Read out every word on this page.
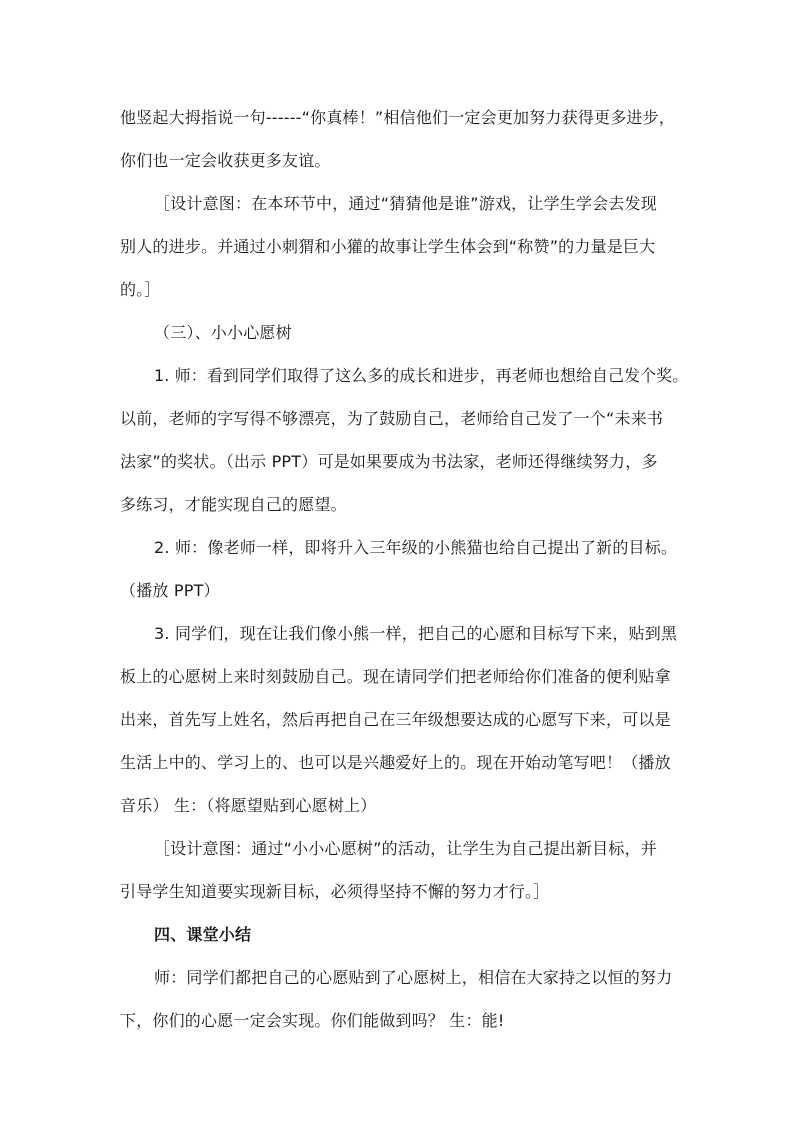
他竖起大拇指说一句------“你真棒！”相信他们一定会更加努力获得更多进步，
你们也一定会收获更多友谊。
［设计意图：在本环节中，通过“猜猜他是谁”游戏，让学生学会去发现
别人的进步。并通过小刺猬和小獾的故事让学生体会到“称赞”的力量是巨大
的。］
（三）、小小心愿树
1. 师：看到同学们取得了这么多的成长和进步，再老师也想给自己发个奖。
以前，老师的字写得不够漂亮，为了鼓励自己，老师给自己发了一个“未来书
法家”的奖状。（出示 PPT）可是如果要成为书法家，老师还得继续努力，多
多练习，才能实现自己的愿望。
2. 师：像老师一样，即将升入三年级的小熊猫也给自己提出了新的目标。
（播放 PPT）
3. 同学们，现在让我们像小熊一样，把自己的心愿和目标写下来，贴到黑
板上的心愿树上来时刻鼓励自己。现在请同学们把老师给你们准备的便利贴拿
出来，首先写上姓名，然后再把自己在三年级想要达成的心愿写下来，可以是
生活上中的、学习上的、也可以是兴趣爱好上的。现在开始动笔写吧！（播放
音乐） 生：（将愿望贴到心愿树上）
［设计意图：通过“小小心愿树”的活动，让学生为自己提出新目标，并
引导学生知道要实现新目标，必须得坚持不懈的努力才行。］
四、课堂小结
师：同学们都把自己的心愿贴到了心愿树上，相信在大家持之以恒的努力
下，你们的心愿一定会实现。你们能做到吗？ 生：能!
